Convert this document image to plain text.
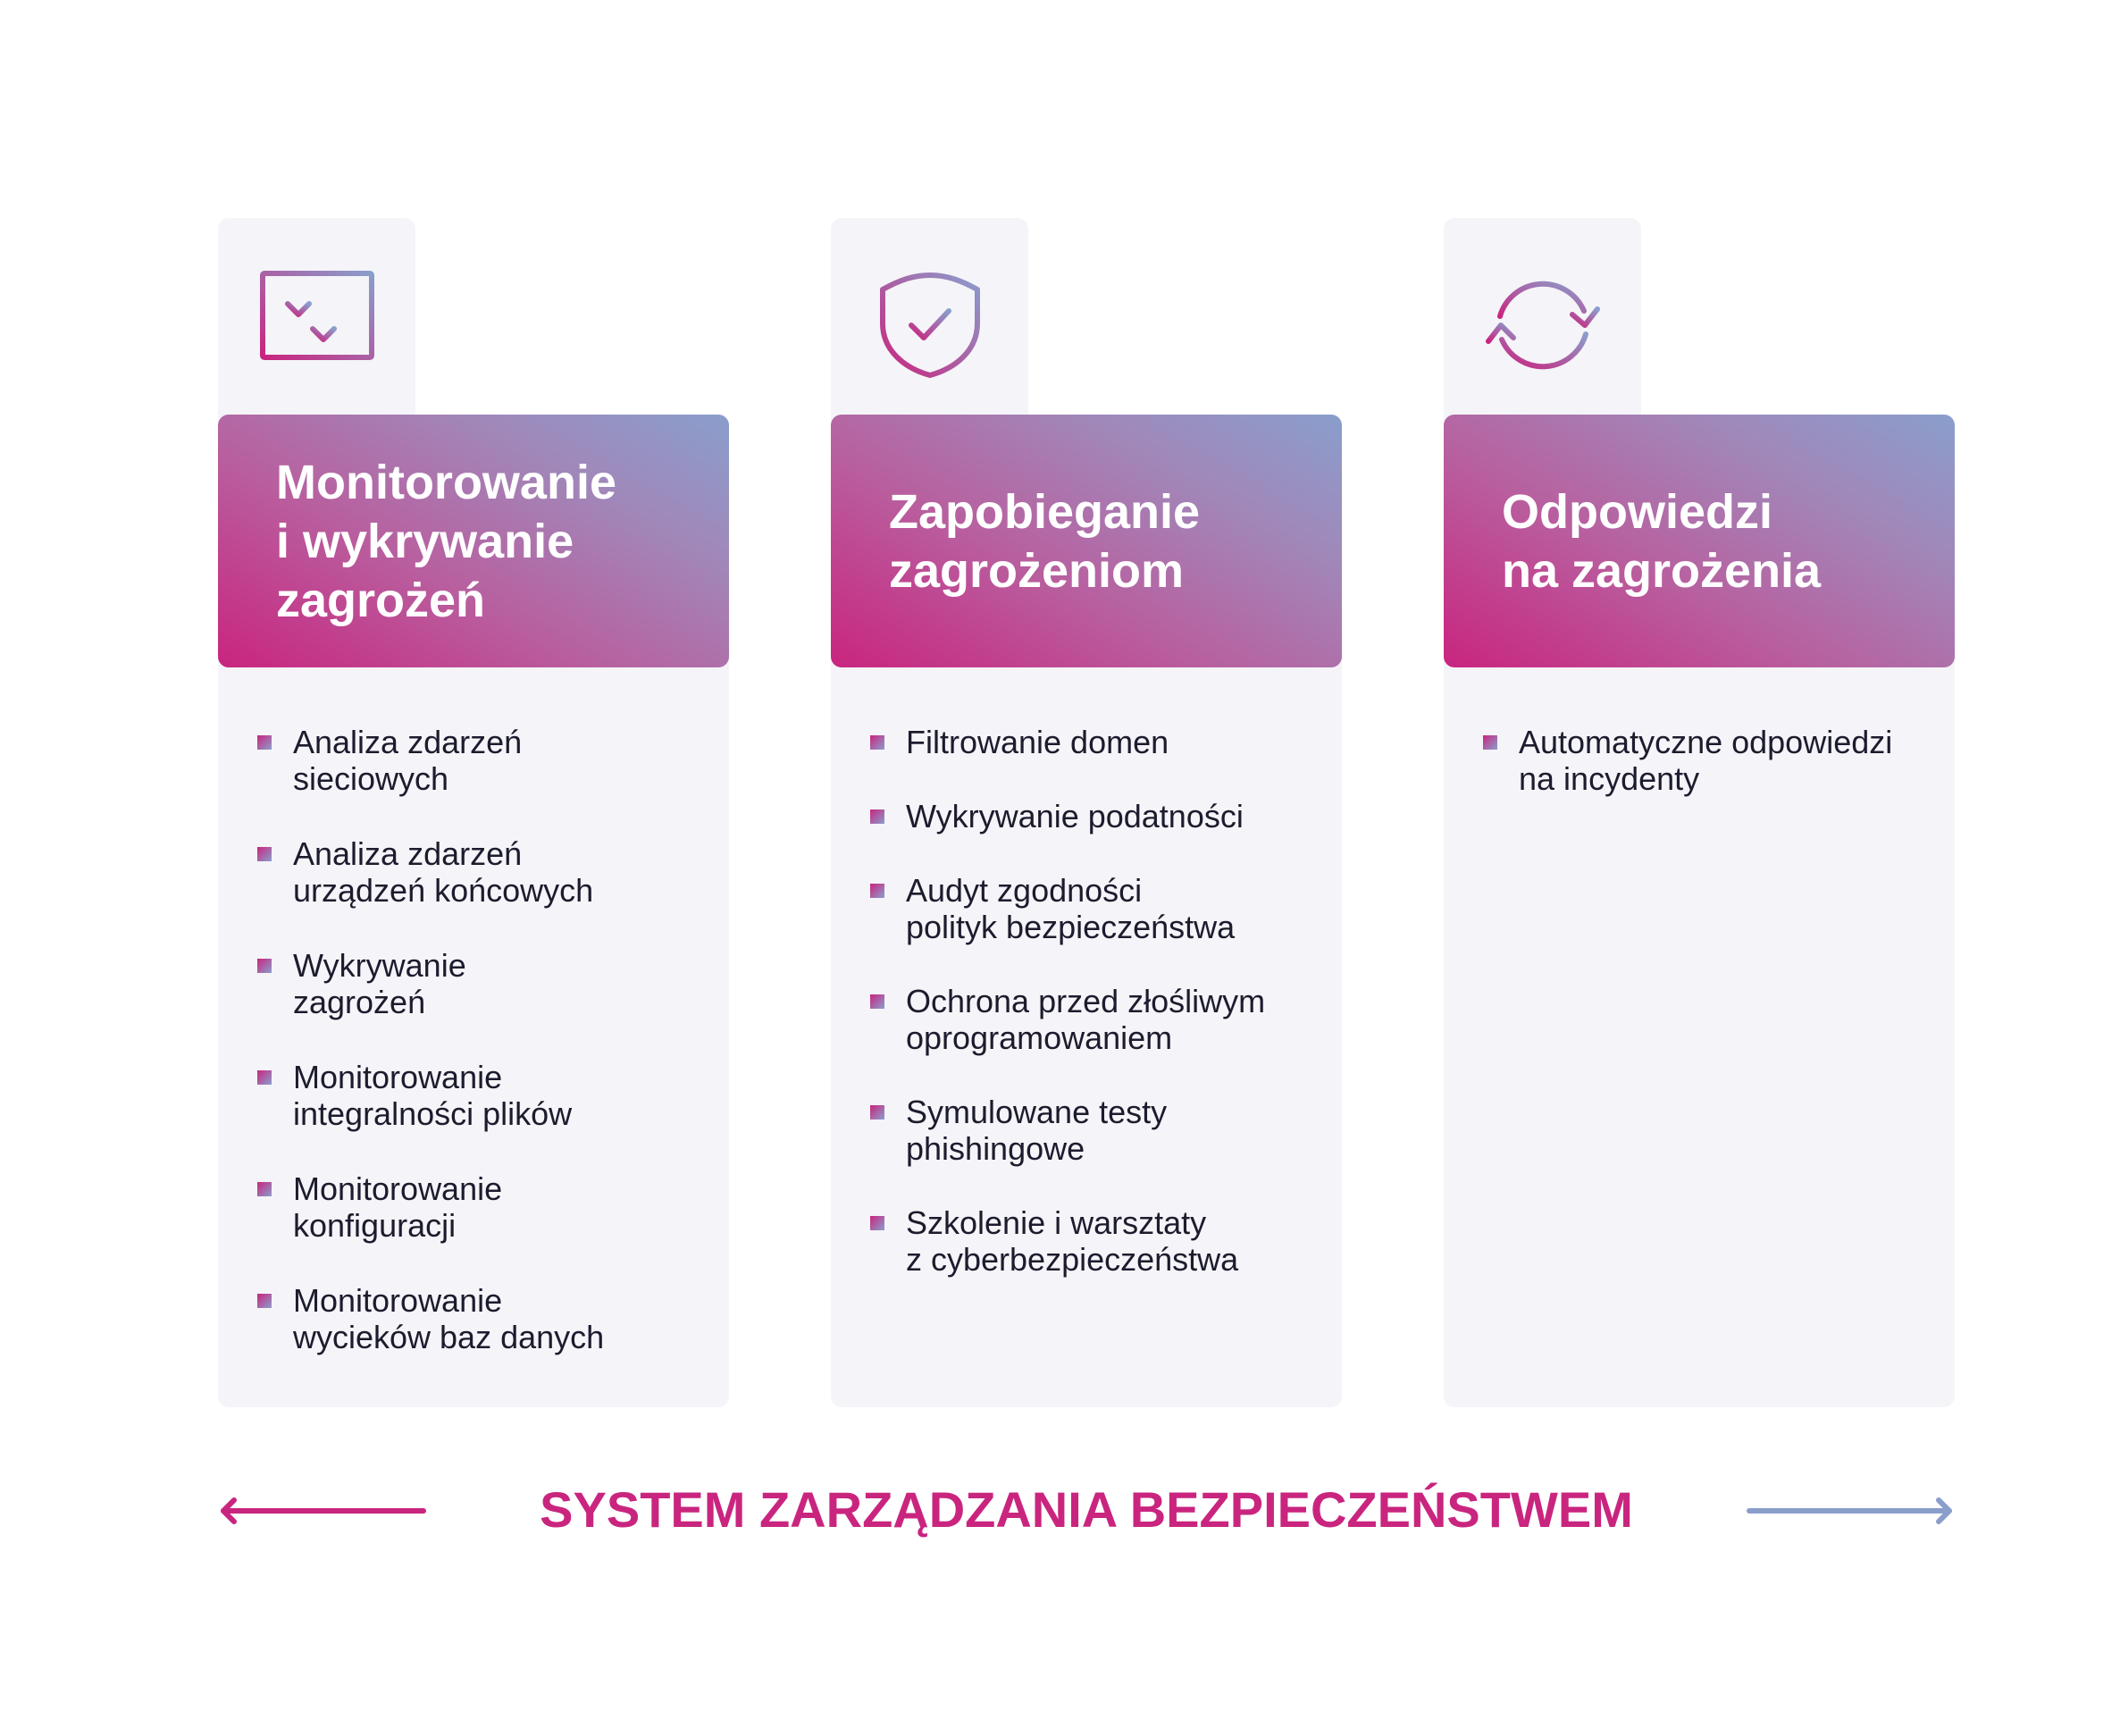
Monitorowanie
i wykrywanie
zagrożeń
Analiza zdarzeń
sieciowych
Analiza zdarzeń
urządzeń końcowych
Wykrywanie
zagrożeń
Monitorowanie
integralności plików
Monitorowanie
konfiguracji
Monitorowanie
wycieków baz danych
Zapobieganie
zagrożeniom
Filtrowanie domen
Wykrywanie podatności
Audyt zgodności
polityk bezpieczeństwa
Ochrona przed złośliwym
oprogramowaniem
Symulowane testy
phishingowe
Szkolenie i warsztaty
z cyberbezpieczeństwa
Odpowiedzi
na zagrożenia
Automatyczne odpowiedzi
na incydenty
SYSTEM ZARZĄDZANIA BEZPIECZEŃSTWEM
